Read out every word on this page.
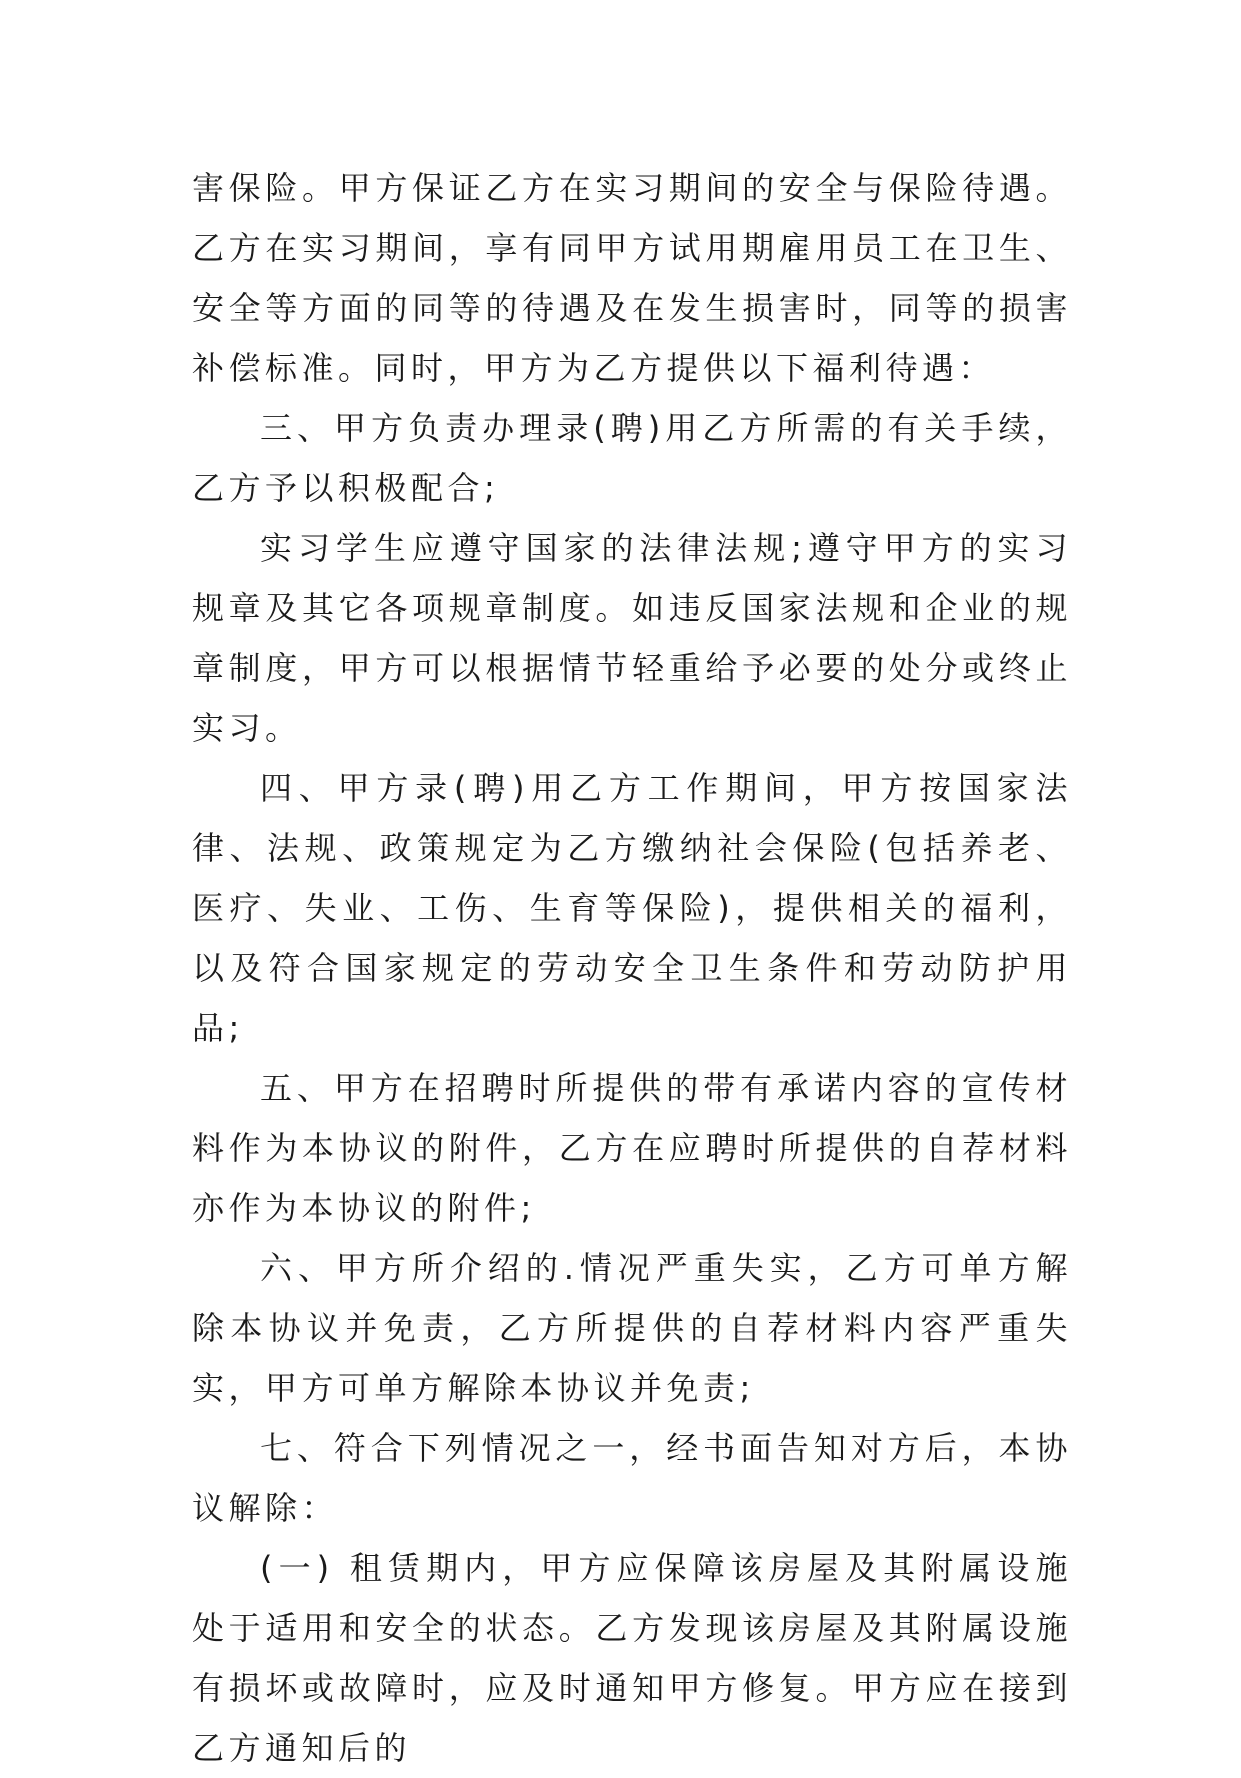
害保险。甲方保证乙方在实习期间的安全与保险待遇。乙方在实习期间，享有同甲方试用期雇用员工在卫生、安全等方面的同等的待遇及在发生损害时，同等的损害补偿标准。同时，甲方为乙方提供以下福利待遇：

三、甲方负责办理录(聘)用乙方所需的有关手续，乙方予以积极配合;

实习学生应遵守国家的法律法规;遵守甲方的实习规章及其它各项规章制度。如违反国家法规和企业的规章制度，甲方可以根据情节轻重给予必要的处分或终止实习。

四、甲方录(聘)用乙方工作期间，甲方按国家法律、法规、政策规定为乙方缴纳社会保险(包括养老、医疗、失业、工伤、生育等保险)，提供相关的福利，以及符合国家规定的劳动安全卫生条件和劳动防护用品;

五、甲方在招聘时所提供的带有承诺内容的宣传材料作为本协议的附件，乙方在应聘时所提供的自荐材料亦作为本协议的附件;

六、甲方所介绍的.情况严重失实，乙方可单方解除本协议并免责，乙方所提供的自荐材料内容严重失实，甲方可单方解除本协议并免责;

七、符合下列情况之一，经书面告知对方后，本协议解除：

(一) 租赁期内，甲方应保障该房屋及其附属设施处于适用和安全的状态。乙方发现该房屋及其附属设施有损坏或故障时，应及时通知甲方修复。甲方应在接到乙方通知后的
